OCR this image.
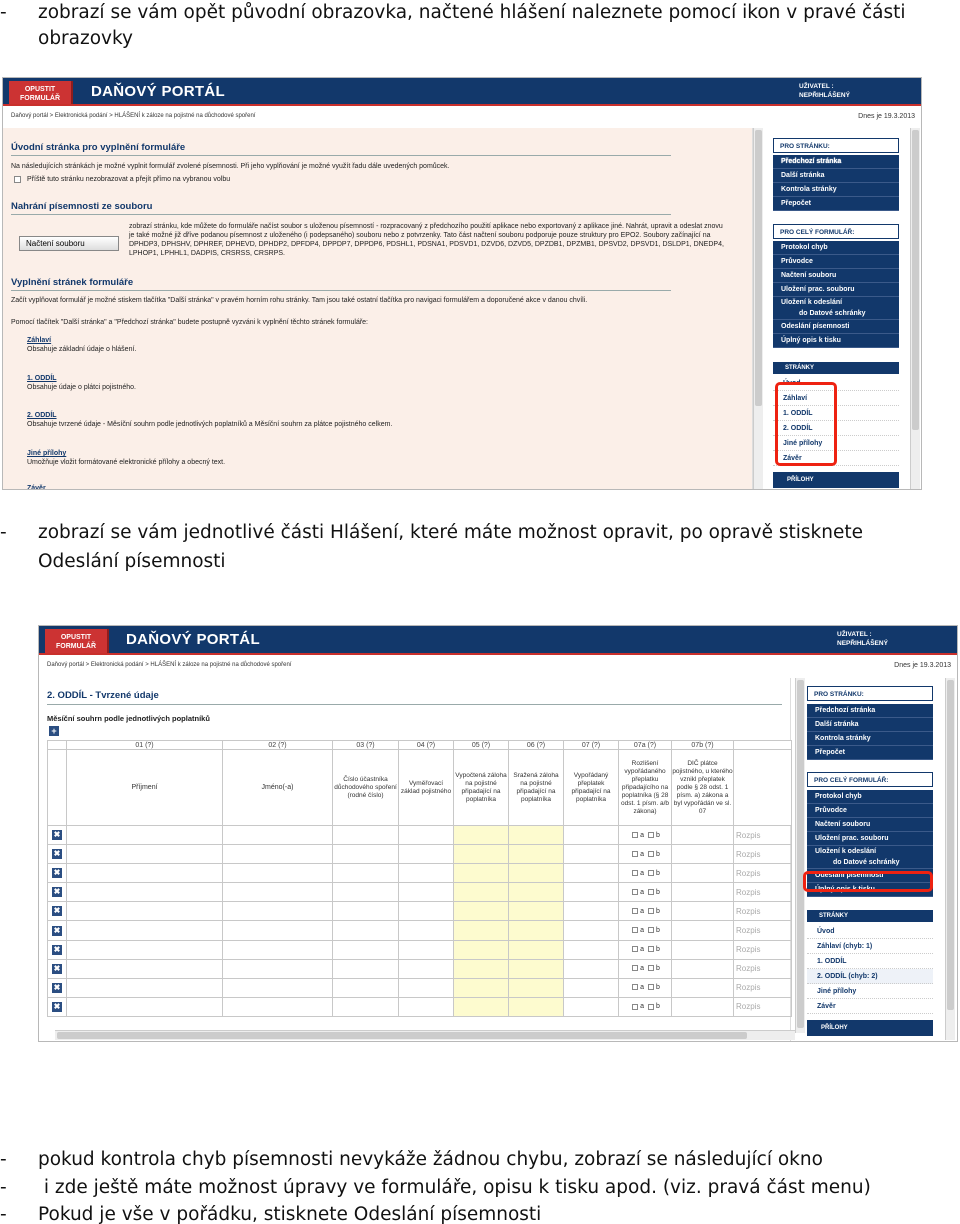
- zobrazí se vám opět původní obrazovka, načtené hlášení naleznete pomocí ikon v pravé části obrazovky
OPUSTIT FORMULÁŘ	DAŇOVÝ PORTÁL	UŽIVATEL :
NEPŘIHLÁŠENÝ
Daňový portál > Elektronická podání > HLÁŠENÍ k záloze na pojistné na důchodové spoření	Dnes je 19.3.2013
Úvodní stránka pro vyplnění formuláře
Na následujících stránkách je možné vyplnit formulář zvolené písemnosti. Při jeho vyplňování je možné využít řadu dále uvedených pomůcek.
Příště tuto stránku nezobrazovat a přejít přímo na vybranou volbu
Nahrání písemnosti ze souboru
Načtení souboru
zobrazí stránku, kde můžete do formuláře načíst soubor s uloženou písemností - rozpracovaný z předchozího použití aplikace nebo exportovaný z aplikace jiné. Nahrát, upravit a odeslat znovu je také možné již dříve podanou písemnost z uloženého (i podepsaného) souboru nebo z potvrzenky. Tato část načtení souboru podporuje pouze struktury pro EPO2. Soubory začínající na DPHDP3, DPHSHV, DPHREF, DPHEVD, DPHDP2, DPFDP4, DPPDP7, DPPDP6, PDSHL1, PDSNA1, PDSVD1, DZVD6, DZVD5, DPZDB1, DPZMB1, DPSVD2, DPSVD1, DSLDP1, DNEDP4, LPHOP1, LPHHL1, DADPIS, CRSRSS, CRSRPS.
Vyplnění stránek formuláře
Začít vyplňovat formulář je možné stiskem tlačítka "Další stránka" v pravém horním rohu stránky. Tam jsou také ostatní tlačítka pro navigaci formulářem a doporučené akce v danou chvíli.
Pomocí tlačítek "Další stránka" a "Předchozí stránka" budete postupně vyzváni k vyplnění těchto stránek formuláře:
Záhlaví
Obsahuje základní údaje o hlášení.
1. ODDÍL
Obsahuje údaje o plátci pojistného.
2. ODDÍL
Obsahuje tvrzené údaje - Měsíční souhrn podle jednotlivých poplatníků a Měsíční souhrn za plátce pojistného celkem.
Jiné přílohy
Umožňuje vložit formátované elektronické přílohy a obecný text.
Závěr
PRO STRÁNKU:
Předchozí stránka
Další stránka
Kontrola stránky
Přepočet
PRO CELÝ FORMULÁŘ:
Protokol chyb
Průvodce
Načtení souboru
Uložení prac. souboru
Uložení k odeslání
do Datové schránky
Odeslání písemnosti
Úplný opis k tisku
STRÁNKY
Úvod
Záhlaví
1. ODDÍL
2. ODDÍL
Jiné přílohy
Závěr
PŘÍLOHY
- zobrazí se vám jednotlivé části Hlášení, které máte možnost opravit, po opravě stisknete Odeslání písemnosti
OPUSTIT FORMULÁŘ	DAŇOVÝ PORTÁL	UŽIVATEL :
NEPŘIHLÁŠENÝ
Daňový portál > Elektronická podání > HLÁŠENÍ k záloze na pojistné na důchodové spoření	Dnes je 19.3.2013
2. ODDÍL - Tvrzené údaje
Měsíční souhrn podle jednotlivých poplatníků
+
	01 (?)	02 (?)	03 (?)	04 (?)	05 (?)	06 (?)	07 (?)	07a (?)	07b (?)	
	Příjmení	Jméno(-a)	Číslo účastníka důchodového spoření (rodné číslo)	Vyměřovací základ pojistného	Vypočtená záloha na pojistné připadající na poplatníka	Sražená záloha na pojistné připadající na poplatníka	Vypořádaný přeplatek připadající na poplatníka	Rozlišení vypořádaného přeplatku připadajícího na poplatníka (§ 28 odst. 1 písm. a/b zákona)	DIČ plátce pojistného, u kterého vznikl přeplatek podle § 28 odst. 1 písm. a) zákona a byl vypořádán ve sl. 07	
✖								a b		Rozpis
✖								a b		Rozpis
✖								a b		Rozpis
✖								a b		Rozpis
✖								a b		Rozpis
✖								a b		Rozpis
✖								a b		Rozpis
✖								a b		Rozpis
✖								a b		Rozpis
✖								a b		Rozpis
PRO STRÁNKU:
Předchozí stránka
Další stránka
Kontrola stránky
Přepočet
PRO CELÝ FORMULÁŘ:
Protokol chyb
Průvodce
Načtení souboru
Uložení prac. souboru
Uložení k odeslání
do Datové schránky
Odeslání písemnosti
Úplný opis k tisku
STRÁNKY
Úvod
Záhlaví (chyb: 1)
1. ODDÍL
2. ODDÍL (chyb: 2)
Jiné přílohy
Závěr
PŘÍLOHY
- pokud kontrola chyb písemnosti nevykáže žádnou chybu, zobrazí se následující okno
- i zde ještě máte možnost úpravy ve formuláře, opisu k tisku apod. (viz. pravá část menu)
- Pokud je vše v pořádku, stisknete Odeslání písemnosti
